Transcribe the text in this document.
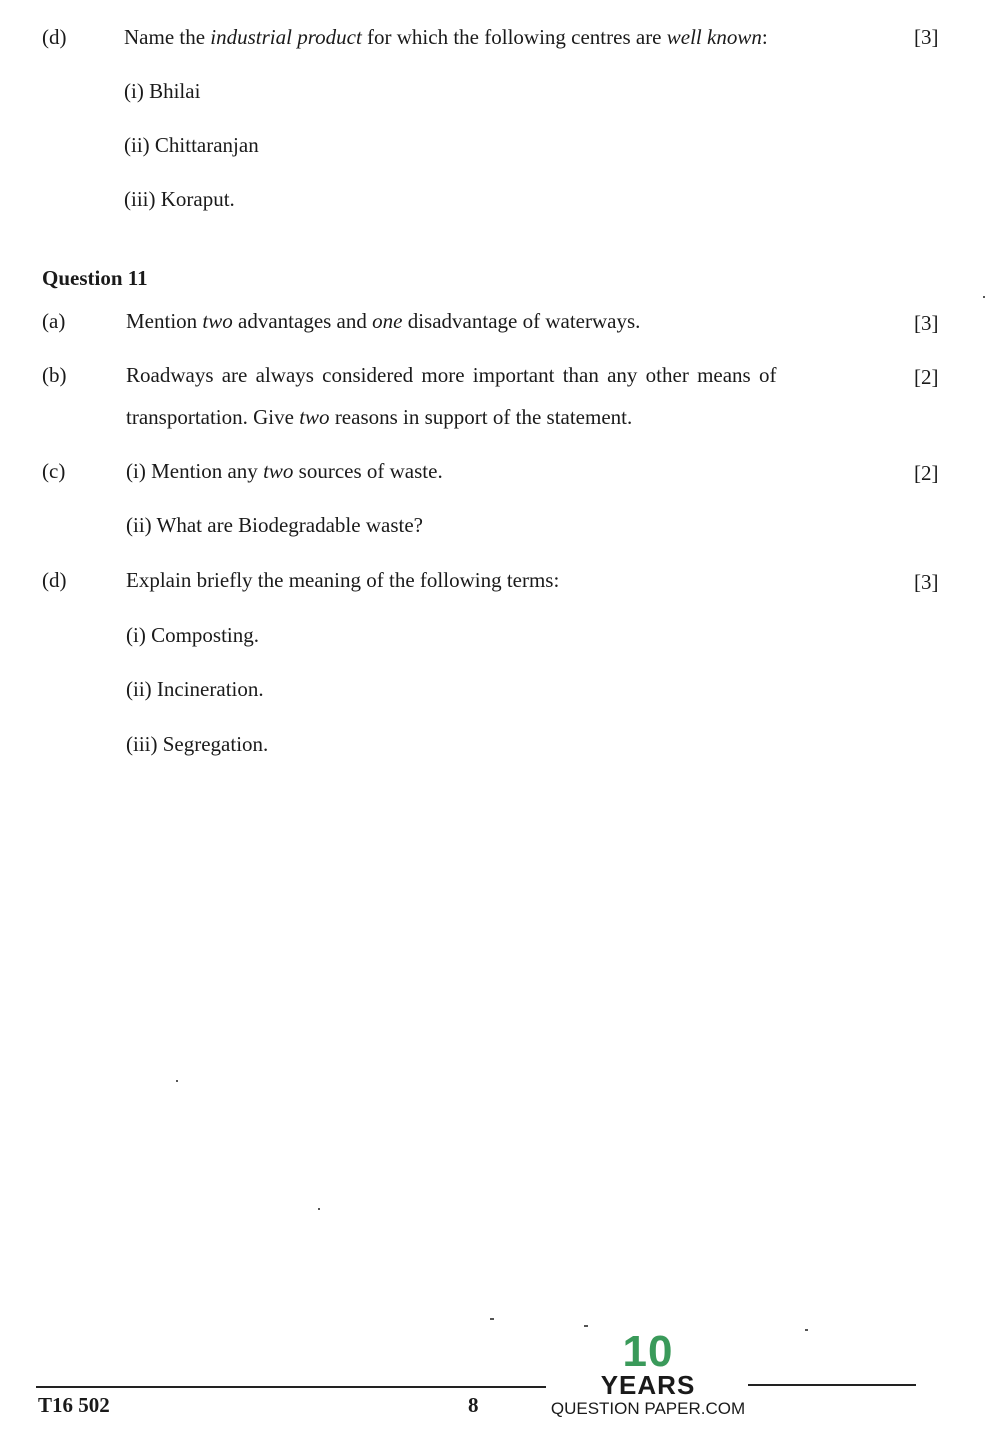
(d)	Name the industrial product for which the following centres are well known:	[3]
(i) Bhilai
(ii) Chittaranjan
(iii) Koraput.
Question 11
(a)	Mention two advantages and one disadvantage of waterways.	[3]
(b)	Roadways are always considered more important than any other means of	[2]
transportation. Give two reasons in support of the statement.
(c)	(i) Mention any two sources of waste.	[2]
(ii) What are Biodegradable waste?
(d)	Explain briefly the meaning of the following terms:	[3]
(i) Composting.
(ii) Incineration.
(iii) Segregation.
T16 502	8
10
YEARS
QUESTION PAPER.COM
